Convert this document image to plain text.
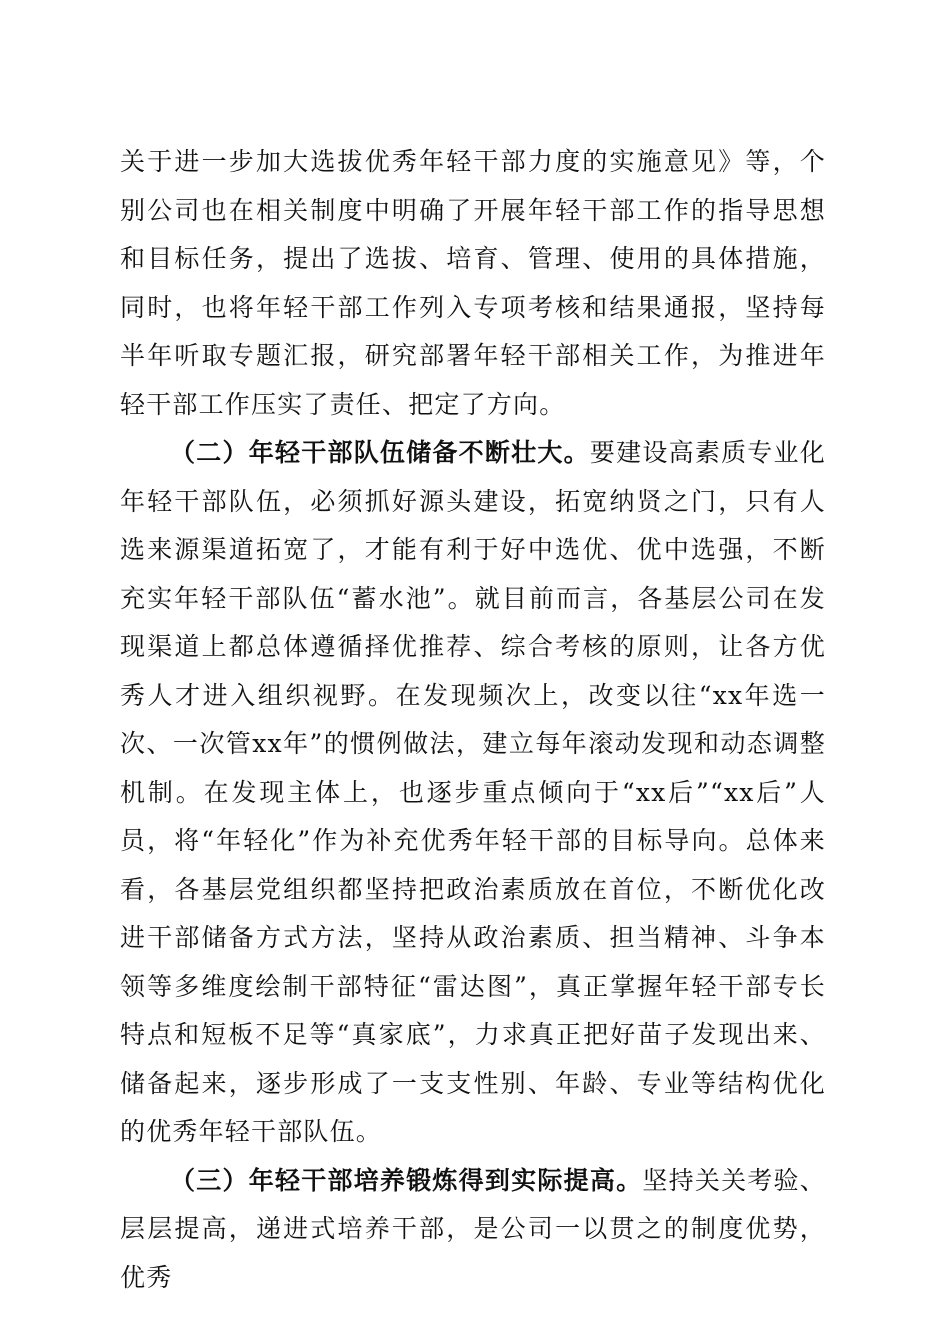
关于进一步加大选拔优秀年轻干部力度的实施意见》等，个别公司也在相关制度中明确了开展年轻干部工作的指导思想和目标任务，提出了选拔、培育、管理、使用的具体措施，同时，也将年轻干部工作列入专项考核和结果通报，坚持每半年听取专题汇报，研究部署年轻干部相关工作，为推进年轻干部工作压实了责任、把定了方向。

（二）年轻干部队伍储备不断壮大。要建设高素质专业化年轻干部队伍，必须抓好源头建设，拓宽纳贤之门，只有人选来源渠道拓宽了，才能有利于好中选优、优中选强，不断充实年轻干部队伍“蓄水池”。就目前而言，各基层公司在发现渠道上都总体遵循择优推荐、综合考核的原则，让各方优秀人才进入组织视野。在发现频次上，改变以往“xx年选一次、一次管xx年”的惯例做法，建立每年滚动发现和动态调整机制。在发现主体上，也逐步重点倾向于“xx后”“xx后”人员，将“年轻化”作为补充优秀年轻干部的目标导向。总体来看，各基层党组织都坚持把政治素质放在首位，不断优化改进干部储备方式方法，坚持从政治素质、担当精神、斗争本领等多维度绘制干部特征“雷达图”，真正掌握年轻干部专长特点和短板不足等“真家底”，力求真正把好苗子发现出来、储备起来，逐步形成了一支支性别、年龄、专业等结构优化的优秀年轻干部队伍。

（三）年轻干部培养锻炼得到实际提高。坚持关关考验、层层提高，递进式培养干部，是公司一以贯之的制度优势，优秀
